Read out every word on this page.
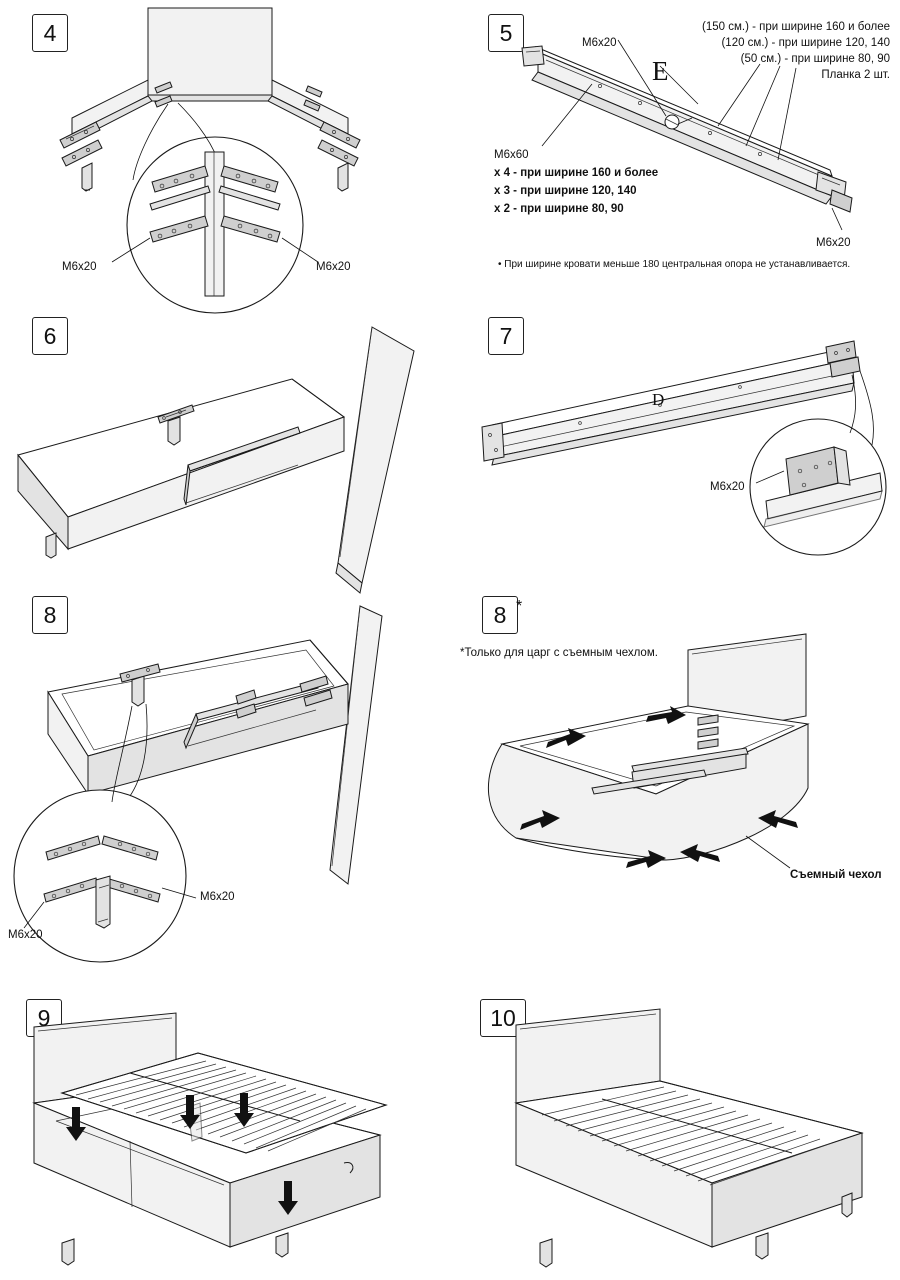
4
M6x20	M6x20
5	M6x20
E
(150 см.) - при ширине 160 и более
(120 см.) - при ширине 120, 140
(50 см.) - при ширине 80, 90
Планка 2 шт.
M6x60
х 4 - при ширине 160 и более
х 3 - при ширине 120, 140
х 2 - при ширине 80, 90
M6x20
• При ширине кровати меньше 180 центральная опора не устанавливается.
6	7
D
M6x20
8
M6x20
M6x20
8 *
*Только для царг с съемным чехлом.
Съемный чехол
9	10
